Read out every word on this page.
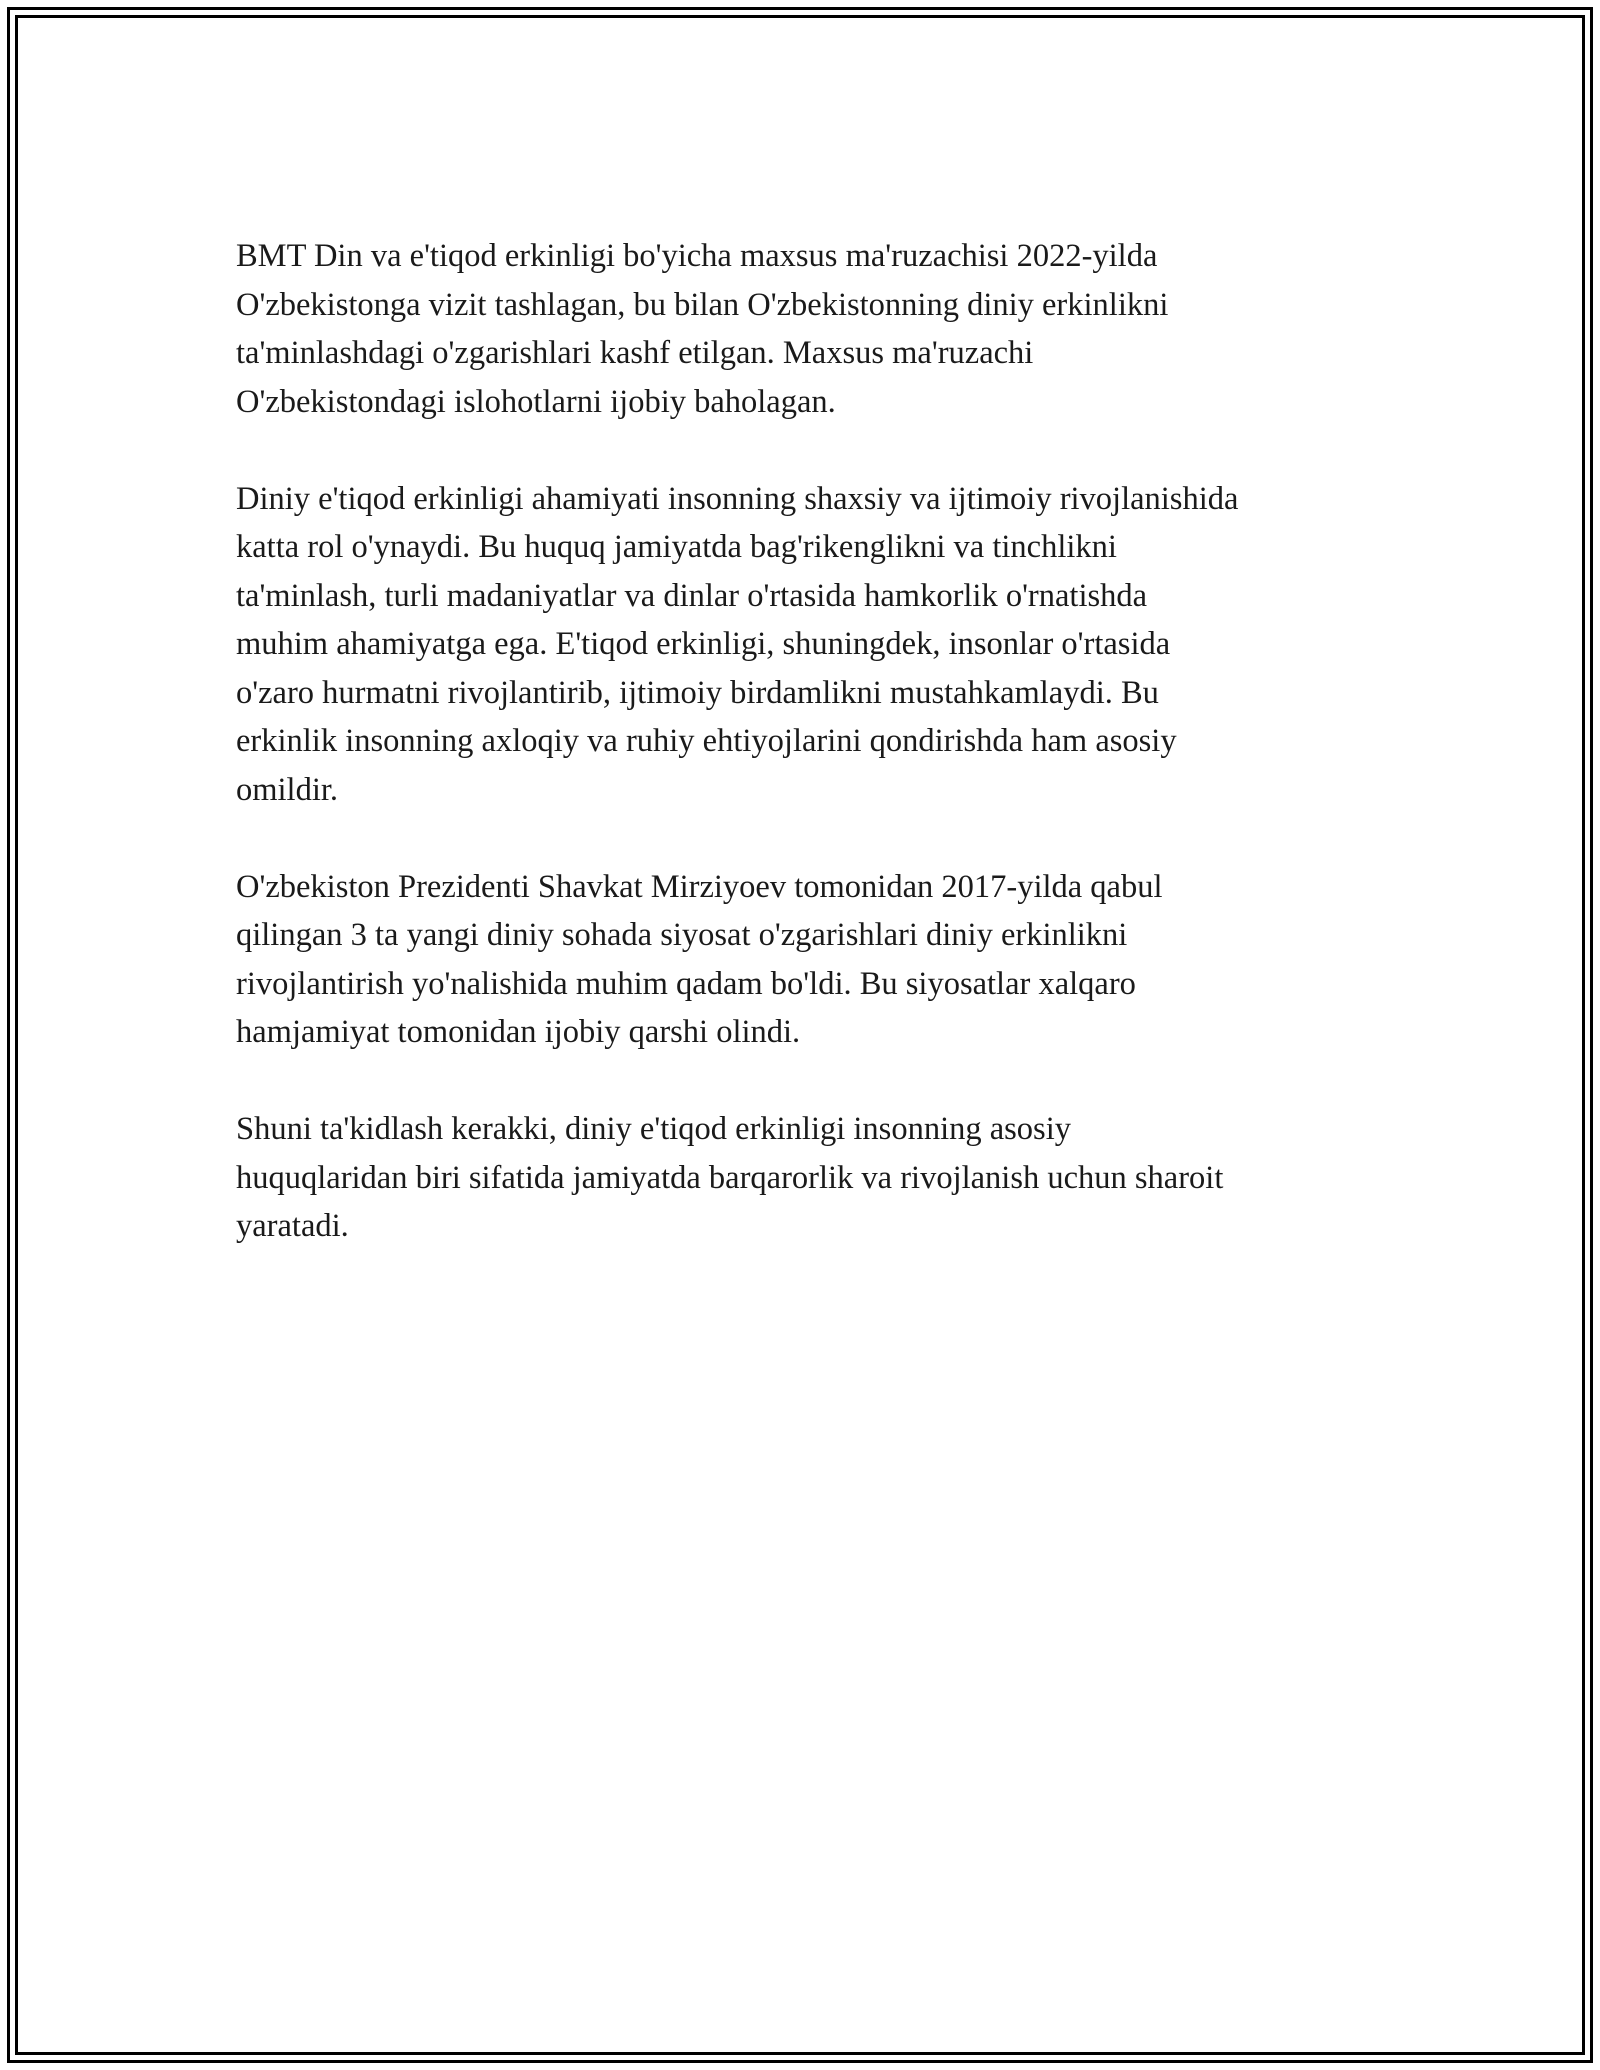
BMT Din va e'tiqod erkinligi bo'yicha maxsus ma'ruzachisi 2022-yilda
O'zbekistonga vizit tashlagan, bu bilan O'zbekistonning diniy erkinlikni
ta'minlashdagi o'zgarishlari kashf etilgan. Maxsus ma'ruzachi
O'zbekistondagi islohotlarni ijobiy baholagan.

Diniy e'tiqod erkinligi ahamiyati insonning shaxsiy va ijtimoiy rivojlanishida
katta rol o'ynaydi. Bu huquq jamiyatda bag'rikenglikni va tinchlikni
ta'minlash, turli madaniyatlar va dinlar o'rtasida hamkorlik o'rnatishda
muhim ahamiyatga ega. E'tiqod erkinligi, shuningdek, insonlar o'rtasida
o'zaro hurmatni rivojlantirib, ijtimoiy birdamlikni mustahkamlaydi. Bu
erkinlik insonning axloqiy va ruhiy ehtiyojlarini qondirishda ham asosiy
omildir.

O'zbekiston Prezidenti Shavkat Mirziyoev tomonidan 2017-yilda qabul
qilingan 3 ta yangi diniy sohada siyosat o'zgarishlari diniy erkinlikni
rivojlantirish yo'nalishida muhim qadam bo'ldi. Bu siyosatlar xalqaro
hamjamiyat tomonidan ijobiy qarshi olindi.

Shuni ta'kidlash kerakki, diniy e'tiqod erkinligi insonning asosiy
huquqlaridan biri sifatida jamiyatda barqarorlik va rivojlanish uchun sharoit
yaratadi.
